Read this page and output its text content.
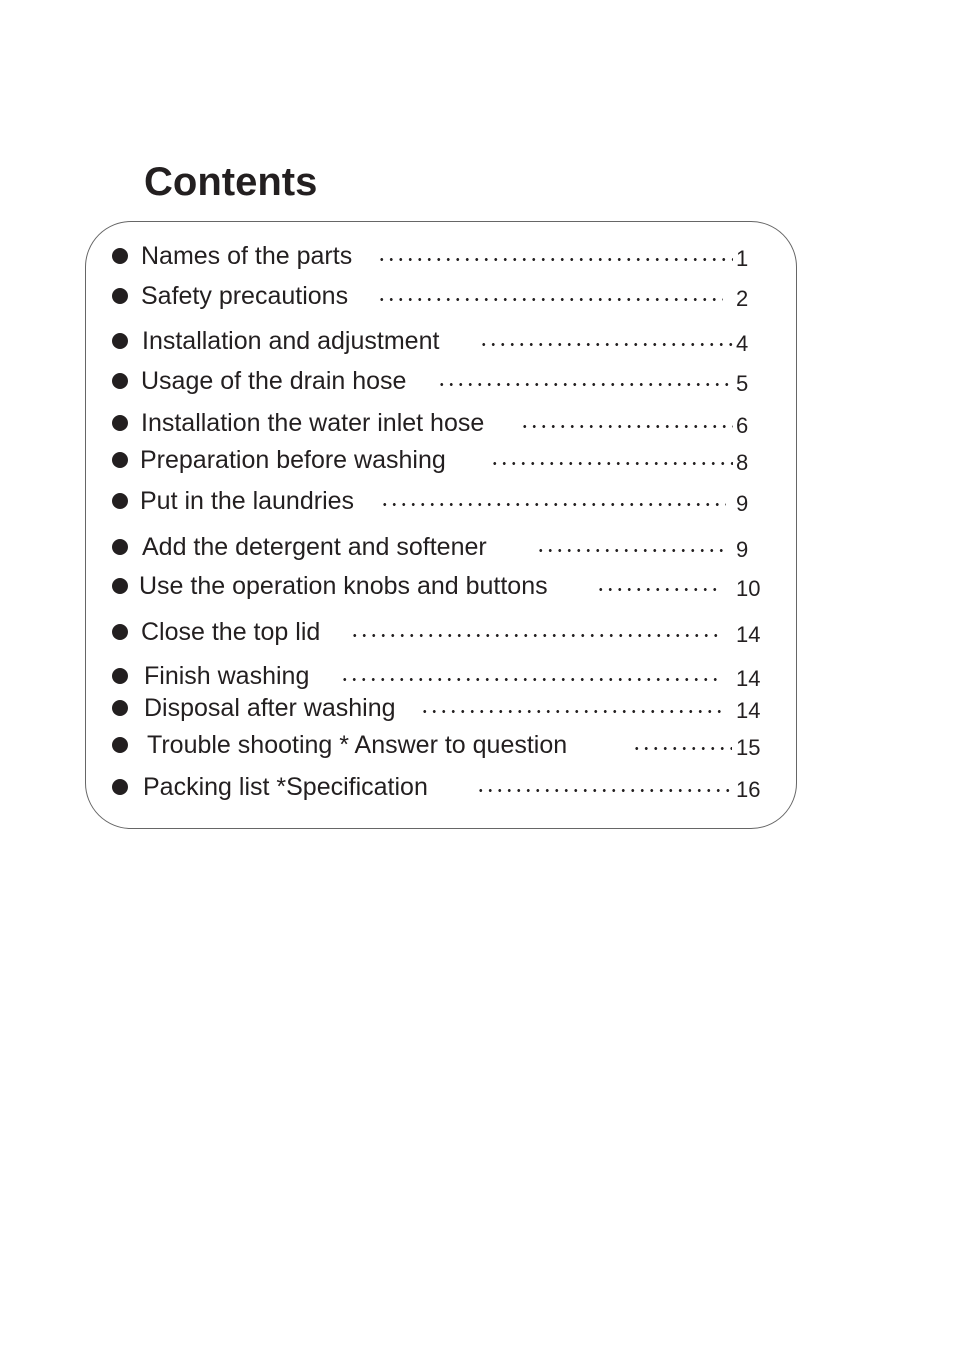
Contents
Names of the parts	1
Safety precautions	2
Installation and adjustment	4
Usage of the drain hose	5
Installation the water inlet hose	6
Preparation before washing	8
Put in the laundries	9
Add the detergent and softener	9
Use the operation knobs and buttons	10
Close the top lid	14
Finish washing	14
Disposal after washing	14
Trouble shooting * Answer to question	15
Packing list *Specification	16
